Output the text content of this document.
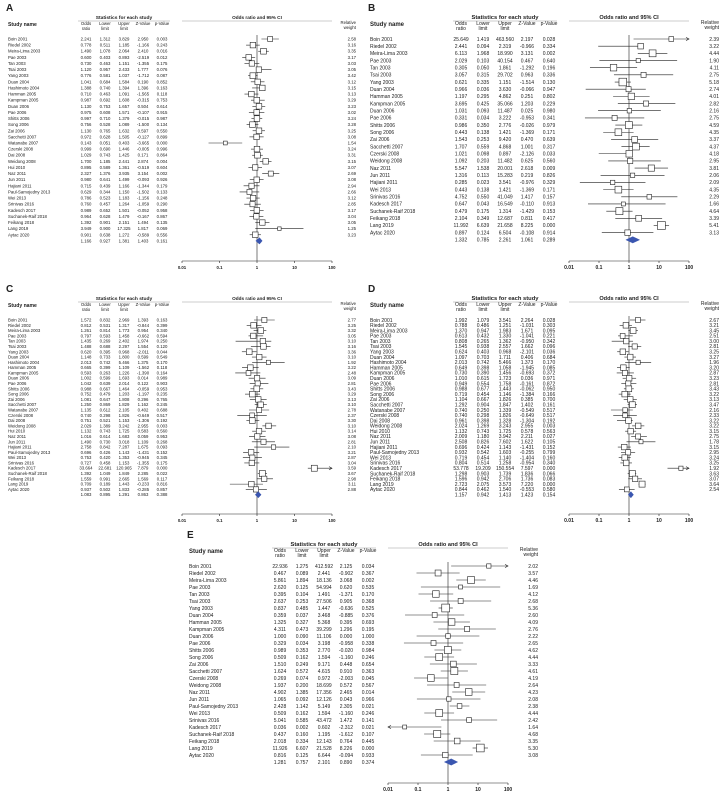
A
Study name
Statistics for each study	Odds ratio and 95% CI
Relative
weight
Odds
ratio
Lower
limit
Upper
limit
Z-Value p-Value
Boin 2001	2.241 1.312 3.829 2.950 0.003	2.58
Riedel 2002	0.778 0.511 1.185 -1.166 0.243	3.16
Meira-Lima 2003	1.490 1.078 2.064 2.410 0.016	3.35
Pae 2003	0.600 0.403 0.893 -2.519 0.012	3.17
Tan 2003	0.730 0.463 1.151 -1.355 0.175	3.03
Tsai 2003	1.120 0.957 2.433 1.777 0.076	3.05
Yang 2003	0.776 0.581 1.037 -1.712 0.087	3.42
Duan 2004	1.041 0.684 1.584 0.190 0.852	3.12
Hashimoto 2004	1.388 0.740 1.394 1.396 0.163	3.15
Hamman 2005	0.710 0.463 1.091 -1.565 0.118	3.13
Kampman 2005	0.987 0.692 1.608 -0.315 0.753	3.29
Duan 2006	1.130 0.753 1.657 0.504 0.614	3.23
Pae 2006	0.975 0.608 1.571 -0.107 0.915	3.02
Shitts 2006	0.997 0.710 1.379 -0.015 0.987	3.24
Song 2006	0.756 0.528 1.089 -1.500 0.134	3.28
Zai 2006	1.130 0.765 1.632 0.597 0.550	3.25
Sacchetti 2007	0.972 0.628 1.505 -0.127 0.899	3.08
Watanabe 2007	0.143 0.051 0.403 -3.665 0.000	1.54
Czerski 2008	0.999 0.690 1.446 -0.005 0.996	3.24
Dai 2008	1.029 0.743 1.425 0.171 0.864	3.31
Weidong 2008	1.700 1.185 2.441 2.874 0.004	3.15
Hui 2010	0.895 0.589 1.361 -0.519 0.604	3.07
Naz 2011	2.327 1.376 3.935 3.154 0.002	2.69
Jun 2011	0.980 0.641 1.499 -0.093 0.926	3.08
Hajiani 2011	0.715 0.439 1.166 -1.344 0.179	2.94
Paul-Samojedny 2013	0.629 0.344 1.150 -1.502 0.133	2.66
Wei 2013	0.786 0.523 1.183 -1.156 0.248	3.12
Srinivas 2016	0.760 0.457 1.264 -1.059 0.290	2.85
Kadesch 2017	0.989 0.652 1.501 -0.052 0.958	3.17
Suchanek-Raif 2018	0.964 0.628 1.479 -0.167 0.867	3.04
Feikang 2018	1.392 0.901 2.151 1.494 0.135	3.05
Lang 2019	3.949 0.900 17.325 1.817 0.069	1.25
Aytac 2020	0.901 0.638 1.272 -0.589 0.556	3.23
1.166 0.927 1.381 1.403 0.161
0.01	0.1	1	10	100
B
Study name
Statistics for each study	Odds ratio and 95% CI
Relative
weight
Odds
ratio
Lower
limit
Upper
limit
Z-Value p-Value
Boin 2001	25.649 1.419 463.560 2.197 0.028	2.39
Riedel 2002	2.441 0.094 2.319 -0.966 0.334	3.22
Meira-Lima 2003	6.113 1.968 18.990 3.131 0.002	4.44
Pae 2003	2.029 0.103 40.154 0.467 0.640	1.90
Tan 2003	0.305 0.050 1.861 -1.292 0.196	4.11
Tsai 2003	3.057 0.315 29.702 0.963 0.336	2.75
Yang 2003	0.621 0.335 1.151 -1.514 0.130	5.18
Duan 2004	0.966 0.036 3.630 -0.066 0.947	2.74
Hamman 2005	1.197 0.295 4.862 0.251 0.802	4.01
Kampman 2005	3.695 0.425 35.066 1.203 0.229	2.82
Duan 2006	1.031 0.093 11.487 0.025 0.980	2.16
Pae 2006	0.331 0.034 3.222 -0.953 0.341	2.75
Shitts 2006	0.986 0.350 2.776 -0.026 0.979	4.59
Song 2006	0.443 0.138 1.421 -1.369 0.171	4.35
Zai 2006	1.543 0.253 9.420 0.470 0.639	3.37
Sacchetti 2007	1.707 0.559 4.868 1.001 0.317	4.37
Czerski 2008	1.021 0.098 0.897 -2.126 0.033	4.18
Weidong 2008	1.092 0.203 11.482 0.625 0.560	2.95
Naz 2011	5.547 1.538 20.001 2.618 0.009	3.81
Jun 2011	1.316 0.113 15.283 0.219 0.826	2.06
Hajiani 2011	0.285 0.023 3.541 -0.976 0.329	2.09
Wei 2013	0.443 0.138 1.421 -1.369 0.171	4.35
Srinivas 2016	4.752 0.550 41.049 1.417 0.157	2.29
Kadesch 2017	0.647 0.043 16.549 -0.110 0.913	1.66
Suchanek-Raif 2018	0.479 0.175 1.314 -1.429 0.153	4.64
Feikang 2018	2.104 0.349 12.687 0.811 0.417	3.39
Lang 2019	11.992 6.639 21.658 8.225 0.000	5.41
Aytac 2020	0.897 0.124 6.504 -0.108 0.914	3.13
1.332 0.785 2.261 1.061 0.289
0.01	0.1	1	10	100
C
Study name
Statistics for each study	Odds ratio and 95% CI
Relative
weight
Odds
ratio
Lower
limit
Upper
limit
Z-Value p-Value
Boin 2001	1.572 0.832 2.969 1.393 0.163	2.77
Riedel 2002	0.812 0.531 1.317 -0.844 0.399	3.25
Meira-Lima 2003	1.261 0.814 1.773 0.954 0.340	3.32
Pae 2003	0.797 0.593 1.458 -0.662 0.594	3.05
Tan 2003	1.435 0.269 2.402 1.974 0.250	3.10
Tsai 2003	1.488 0.688 2.297 1.554 0.120	3.16
Yang 2003	0.620 0.395 0.968 -2.011 0.044	3.36
Duan 2004	1.148 0.733 1.800 0.599 0.549	3.10
Hashimoto 2004	2.013 0.742 5.466 1.375 0.170	1.92
Hamman 2005	0.665 0.399 1.109 -1.562 0.118	3.22
Kampman 2005	0.593 0.263 1.226 -1.390 0.164	2.48
Duan 2006	1.002 0.599 1.693 0.014 0.989	3.09
Pae 2006	1.042 0.639 2.014 0.122 0.903	2.81
Shitts 2006	0.988 0.667 1.464 -0.059 0.953	3.43
Song 2006	0.752 0.479 1.203 -1.197 0.235	3.29
Zai 2006	1.081 0.647 1.808 0.296 0.765	3.13
Sacchetti 2007	1.250 0.869 1.829 1.162 0.245	3.10
Watanabe 2007	1.135 0.612 2.105 0.402 0.688	2.78
Czerski 2008	0.740 0.298 1.826 -0.649 0.517	2.37
Dai 2008	0.751 0.521 1.153 -1.306 0.192	3.30
Weidong 2008	2.029 1.389 3.242 2.955 0.003	3.10
Hui 2010	1.132 0.743 1.725 0.583 0.560	3.14
Naz 2011	1.016 0.614 1.683 0.059 0.953	3.08
Jun 2011	1.490 0.730 3.018 1.109 0.268	2.81
Hajiani 2011	2.758 0.842 7.287 1.675 0.093	2.10
Paul-Samojedny 2013	0.696 0.426 1.143 -1.431 0.152	3.21
Wei 2013	0.753 0.420 1.353 -0.945 0.345	2.87
Srinivas 2016	0.727 0.458 1.153 -1.355 0.175	3.04
Kadesch 2017	33.664 22.681 120.965 7.879 0.000	3.59
Suchanek-Raif 2018	1.392 1.049 1.849 2.285 0.022	3.67
Feikang 2018	1.559 0.991 2.665 1.569 0.117	2.98
Lang 2019	0.709 0.189 1.443 -0.233 0.816	3.11
Aytac 2020	0.937 0.502 1.833 -0.285 0.857	2.88
1.083 0.895 1.291 0.863 0.388
0.01	0.1	1	10	100
D
Study name
Statistics for each study	Odds ratio and 95% CI
Relative
weight
Odds
ratio
Lower
limit
Upper
limit
Z-Value p-Value
Boin 2001	1.992 1.079 3.541 2.264 0.028	2.67
Riedel 2002	0.788 0.486 1.251 -1.031 0.303	3.21
Meira-Lima 2003	1.370 0.947 1.983 1.671 0.095	3.45
Pae 2003	0.613 0.432 1.330 -1.041 0.221	2.51
Tan 2003	0.808 0.265 1.362 -0.950 0.342	3.00
Tsai 2003	1.545 0.938 2.557 1.662 0.096	2.81
Yang 2003	0.624 0.403 0.968 -2.101 0.036	3.25
Duan 2004	1.097 0.703 1.711 0.406 0.684	3.27
Hashimoto 2004	2.013 0.742 5.466 1.373 0.170	1.96
Hamman 2005	0.649 0.398 1.058 -1.945 0.085	3.20
Kampman 2005	0.730 0.390 1.456 -0.693 0.372	2.87
Duan 2006	1.010 0.615 1.723 0.036 0.971	3.23
Pae 2006	0.949 0.554 1.758 -0.161 0.872	2.81
Shitts 2006	0.988 0.677 1.443 -0.062 0.950	3.43
Song 2006	0.719 0.454 1.146 -1.384 0.166	3.22
Zai 2006	1.104 0.667 1.826 0.385 0.700	3.13
Sacchetti 2007	1.292 0.904 1.847 1.402 0.161	3.47
Watanabe 2007	0.740 0.250 1.339 -0.549 0.517	2.16
Czerski 2008	0.740 0.298 1.826 -0.649 0.517	2.33
Dai 2008	0.961 0.398 1.328 -1.304 0.192	3.22
Weidong 2008	2.024 1.269 3.243 2.955 0.003	3.22
Hui 2010	1.132 0.743 1.725 0.578 0.563	3.15
Naz 2011	2.009 1.180 3.942 2.211 0.027	2.75
Jun 2011	2.508 0.826 7.602 1.622 0.105	1.78
Hajiani 2011	0.696 0.424 1.143 -1.431 0.152	3.15
Paul-Samojedny 2013	0.932 0.542 1.603 -0.255 0.799	2.95
Wei 2013	0.719 0.454 1.140 -1.404 0.160	3.24
Srinivas 2016	0.804 0.514 1.258 -0.954 0.340	3.25
Kadesch 2017	53.778 19.209 150.554 7.597 0.000	1.92
Suchanek-Raif 2018	1.298 0.903 1.739 1.836 0.066	3.63
Feikang 2018	1.596 0.942 2.706 1.736 0.083	3.07
Lang 2019	2.723 2.075 3.573 7.220 0.000	3.64
Aytac 2020	0.844 0.462 1.540 -0.553 0.580	2.54
1.157 0.942 1.413 1.423 0.154
0.01	0.1	1	10	100
E
Study name
Statistics for each study	Odds ratio and 95% CI
Relative
weight
Odds
ratio
Lower
limit
Upper
limit
Z-Value p-Value
Boin 2001	22.936 1.275 412.592 2.125 0.034	2.02
Riedel 2002	0.467 0.089 2.441 -0.902 0.367	3.57
Meira-Lima 2003	5.861 1.894 18.136 3.068 0.002	4.46
Pae 2003	2.620 0.125 54.994 0.620 0.535	1.69
Tan 2003	0.395 0.104 1.491 -1.371 0.170	4.12
Tsai 2003	2.637 0.253 27.506 0.905 0.368	2.68
Yang 2003	0.837 0.485 1.447 -0.636 0.525	5.36
Duan 2004	0.359 0.037 3.468 -0.885 0.376	2.60
Hamman 2005	1.325 0.327 5.368 0.395 0.693	4.09
Kampman 2005	4.311 0.473 39.299 1.296 0.195	2.76
Duan 2006	1.000 0.090 11.106 0.000 1.000	2.22
Pae 2006	0.329 0.034 3.198 -0.958 0.338	2.65
Shitts 2006	0.989 0.353 2.770 -0.020 0.984	4.62
Song 2006	0.509 0.162 1.594 -1.160 0.246	4.44
Zai 2006	1.510 0.249 9.171 0.448 0.654	3.33
Sacchetti 2007	1.624 0.572 4.615 0.910 0.363	4.61
Czerski 2008	0.269 0.074 0.972 -2.003 0.045	4.19
Weidong 2008	1.937 0.200 18.699 0.572 0.567	2.64
Naz 2011	4.902 1.385 17.356 2.465 0.014	4.23
Jun 2011	1.065 0.092 12.126 0.043 0.966	2.08
Paul-Samojedny 2013	2.428 1.142 5.149 2.305 0.021	2.38
Wei 2013	0.509 0.162 1.594 -1.160 0.246	4.44
Srinivas 2016	5.041 0.585 43.472 1.472 0.141	2.42
Kadesch 2017	0.036 0.002 0.602 -2.312 0.021	1.64
Suchanek-Raif 2018	0.437 0.160 1.195 -1.612 0.107	4.68
Feikang 2018	2.018 0.334 12.143 0.764 0.445	3.35
Lang 2019	11.926 6.607 21.528 8.226 0.000	5.30
Aytac 2020	0.816 0.125 6.644 -0.094 0.933	3.08
1.281 0.757 2.101 0.890 0.374
0.01	0.1	1	10	100
